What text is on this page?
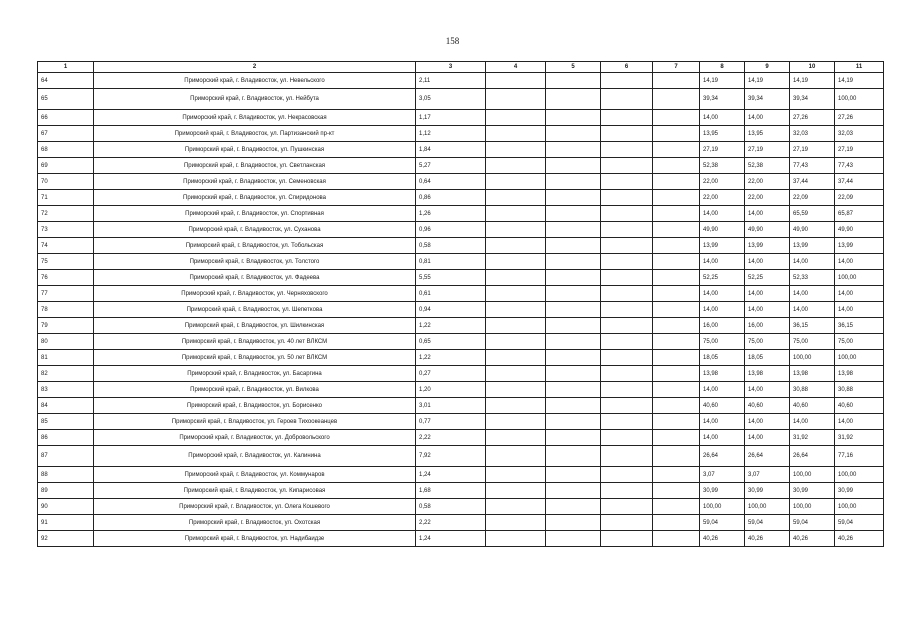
158
1	2	3	4	5	6	7	8	9	10	11
64	Приморский край, г. Владивосток, ул. Невельского	2,11					14,19	14,19	14,19	14,19
65	Приморский край, г. Владивосток, ул. Нейбута	3,05					39,34	39,34	39,34	100,00
66	Приморский край, г. Владивосток, ул. Некрасовская	1,17					14,00	14,00	27,26	27,26
67	Приморский край, г. Владивосток, ул. Партизанский пр-кт	1,12					13,95	13,95	32,03	32,03
68	Приморский край, г. Владивосток, ул. Пушкинская	1,84					27,19	27,19	27,19	27,19
69	Приморский край, г. Владивосток, ул. Светланская	5,27					52,38	52,38	77,43	77,43
70	Приморский край, г. Владивосток, ул. Семеновская	0,64					22,00	22,00	37,44	37,44
71	Приморский край, г. Владивосток, ул. Спиридонова	0,86					22,00	22,00	22,09	22,09
72	Приморский край, г. Владивосток, ул. Спортивная	1,26					14,00	14,00	65,59	65,87
73	Приморский край, г. Владивосток, ул. Суханова	0,96					49,90	49,90	49,90	49,90
74	Приморский край, г. Владивосток, ул. Тобольская	0,58					13,99	13,99	13,99	13,99
75	Приморский край, г. Владивосток, ул. Толстого	0,81					14,00	14,00	14,00	14,00
76	Приморский край, г. Владивосток, ул. Фадеева	5,55					52,25	52,25	52,33	100,00
77	Приморский край, г. Владивосток, ул. Черняховского	0,61					14,00	14,00	14,00	14,00
78	Приморский край, г. Владивосток, ул. Шепеткова	0,94					14,00	14,00	14,00	14,00
79	Приморский край, г. Владивосток, ул. Шилкинская	1,22					16,00	16,00	36,15	36,15
80	Приморский край, г. Владивосток, ул. 40 лет ВЛКСМ	0,65					75,00	75,00	75,00	75,00
81	Приморский край, г. Владивосток, ул. 50 лет ВЛКСМ	1,22					18,05	18,05	100,00	100,00
82	Приморский край, г. Владивосток, ул. Басаргина	0,27					13,98	13,98	13,98	13,98
83	Приморский край, г. Владивосток, ул. Вилкова	1,20					14,00	14,00	30,88	30,88
84	Приморский край, г. Владивосток, ул. Борисенко	3,01					40,60	40,60	40,60	40,60
85	Приморский край, г. Владивосток, ул. Героев Тихоокеанцев	0,77					14,00	14,00	14,00	14,00
86	Приморский край, г. Владивосток, ул. Добровольского	2,22					14,00	14,00	31,92	31,92
87	Приморский край, г. Владивосток, ул. Калинина	7,92					26,64	26,64	26,64	77,16
88	Приморский край, г. Владивосток, ул. Коммунаров	1,24					3,07	3,07	100,00	100,00
89	Приморский край, г. Владивосток, ул. Кипарисовая	1,68					30,99	30,99	30,99	30,99
90	Приморский край, г. Владивосток, ул. Олега Кошевого	0,58					100,00	100,00	100,00	100,00
91	Приморский край, г. Владивосток, ул. Охотская	2,22					59,04	59,04	59,04	59,04
92	Приморский край, г. Владивосток, ул. Надибаидзе	1,24					40,26	40,26	40,26	40,26
